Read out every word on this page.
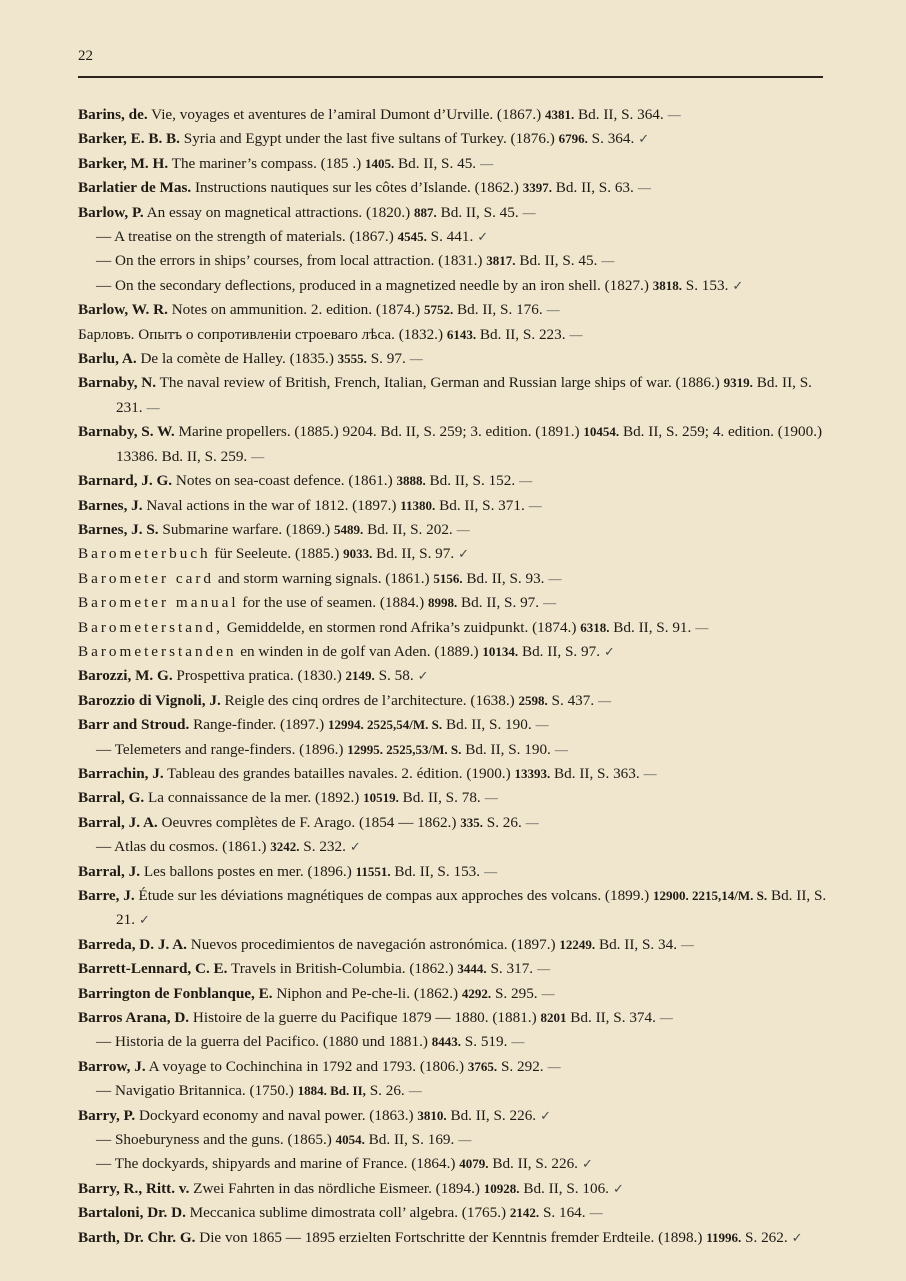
22

Barins, de. Vie, voyages et aventures de l’amiral Dumont d’Urville. (1867.) 4381. Bd. II, S. 364. —

Barker, E. B. B. Syria and Egypt under the last five sultans of Turkey. (1876.) 6796. S. 364. ✓

Barker, M. H. The mariner’s compass. (185 .) 1405. Bd. II, S. 45. —

Barlatier de Mas. Instructions nautiques sur les côtes d’Islande. (1862.) 3397. Bd. II, S. 63. —

Barlow, P. An essay on magnetical attractions. (1820.) 887. Bd. II, S. 45. —

— A treatise on the strength of materials. (1867.) 4545. S. 441. ✓

— On the errors in ships’ courses, from local attraction. (1831.) 3817. Bd. II, S. 45. —

— On the secondary deflections, produced in a magnetized needle by an iron shell. (1827.) 3818. S. 153. ✓

Barlow, W. R. Notes on ammunition. 2. edition. (1874.) 5752. Bd. II, S. 176. —

Барловъ. Опытъ о сопротивленіи строеваго лѣса. (1832.) 6143. Bd. II, S. 223. —

Barlu, A. De la comète de Halley. (1835.) 3555. S. 97. —

Barnaby, N. The naval review of British, French, Italian, German and Russian large ships of war. (1886.) 9319. Bd. II, S. 231. —

Barnaby, S. W. Marine propellers. (1885.) 9204. Bd. II, S. 259; 3. edition. (1891.) 10454. Bd. II, S. 259; 4. edition. (1900.) 13386. Bd. II, S. 259. —

Barnard, J. G. Notes on sea-coast defence. (1861.) 3888. Bd. II, S. 152. —

Barnes, J. Naval actions in the war of 1812. (1897.) 11380. Bd. II, S. 371. —

Barnes, J. S. Submarine warfare. (1869.) 5489. Bd. II, S. 202. —

Barometerbuch für Seeleute. (1885.) 9033. Bd. II, S. 97. ✓

Barometer card and storm warning signals. (1861.) 5156. Bd. II, S. 93. —

Barometer manual for the use of seamen. (1884.) 8998. Bd. II, S. 97. —

Barometerstand, Gemiddelde, en stormen rond Afrika’s zuidpunkt. (1874.) 6318. Bd. II, S. 91. —

Barometerstanden en winden in de golf van Aden. (1889.) 10134. Bd. II, S. 97. ✓

Barozzi, M. G. Prospettiva pratica. (1830.) 2149. S. 58. ✓

Barozzio di Vignoli, J. Reigle des cinq ordres de l’architecture. (1638.) 2598. S. 437. —

Barr and Stroud. Range-finder. (1897.) 12994. 2525,54/M. S. Bd. II, S. 190. —

— Telemeters and range-finders. (1896.) 12995. 2525,53/M. S. Bd. II, S. 190. —

Barrachin, J. Tableau des grandes batailles navales. 2. édition. (1900.) 13393. Bd. II, S. 363. —

Barral, G. La connaissance de la mer. (1892.) 10519. Bd. II, S. 78. —

Barral, J. A. Oeuvres complètes de F. Arago. (1854 — 1862.) 335. S. 26. —

— Atlas du cosmos. (1861.) 3242. S. 232. ✓

Barral, J. Les ballons postes en mer. (1896.) 11551. Bd. II, S. 153. —

Barre, J. Étude sur les déviations magnétiques de compas aux approches des volcans. (1899.) 12900. 2215,14/M. S. Bd. II, S. 21. ✓

Barreda, D. J. A. Nuevos procedimientos de navegación astronómica. (1897.) 12249. Bd. II, S. 34. —

Barrett-Lennard, C. E. Travels in British-Columbia. (1862.) 3444. S. 317. —

Barrington de Fonblanque, E. Niphon and Pe-che-li. (1862.) 4292. S. 295. —

Barros Arana, D. Histoire de la guerre du Pacifique 1879 — 1880. (1881.) 8201 Bd. II, S. 374. —

— Historia de la guerra del Pacifico. (1880 und 1881.) 8443. S. 519. —

Barrow, J. A voyage to Cochinchina in 1792 and 1793. (1806.) 3765. S. 292. —

— Navigatio Britannica. (1750.) 1884. Bd. II, S. 26. —

Barry, P. Dockyard economy and naval power. (1863.) 3810. Bd. II, S. 226. ✓

— Shoeburyness and the guns. (1865.) 4054. Bd. II, S. 169. —

— The dockyards, shipyards and marine of France. (1864.) 4079. Bd. II, S. 226. ✓

Barry, R., Ritt. v. Zwei Fahrten in das nördliche Eismeer. (1894.) 10928. Bd. II, S. 106. ✓

Bartaloni, Dr. D. Meccanica sublime dimostrata coll’ algebra. (1765.) 2142. S. 164. —

Barth, Dr. Chr. G. Die von 1865 — 1895 erzielten Fortschritte der Kenntnis fremder Erdteile. (1898.) 11996. S. 262. ✓
